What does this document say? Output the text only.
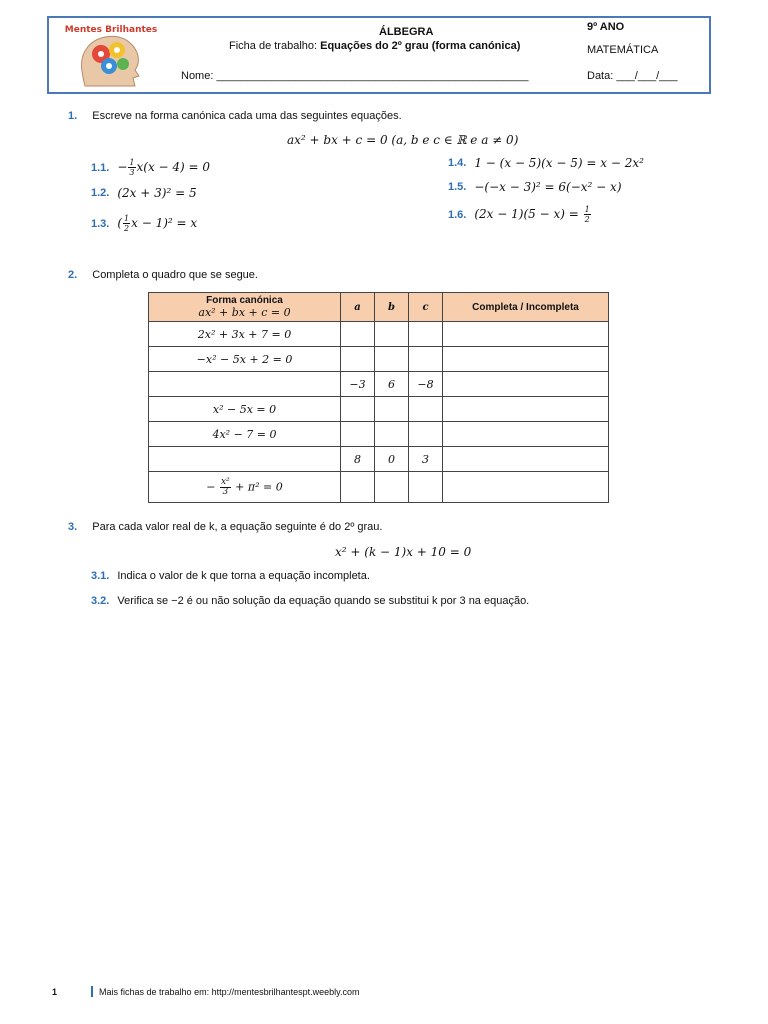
Mentes Brilhantes	ÁLBEGRA
Ficha de trabalho: Equações do 2º grau (forma canónica)
Nome: ___________________________________________________
9º ANO
MATEMÁTICA
Data: ___/___/___
1. Escreve na forma canónica cada uma das seguintes equações.
ax² + bx + c = 0 (a, b e c ∈ ℝ e a ≠ 0)
1.1. − $\frac{1}{3} x(x - 4) = 0$
1.2. (2x + 3)² = 5
1.3. ( $\frac{1}{2}$ x − 1)² = x
1.4. 1 − (x − 5)(x − 5) = x − 2x²
1.5. −(−x − 3)² = 6(−x² − x)
1.6. $(2x - 1)(5 - x) = \frac{1}{2}$
2. Completa o quadro que se segue.
Forma canónica
ax² + bx + c = 0	a	b	c	Completa / Incompleta
2x² + 3x + 7 = 0				
−x² − 5x + 2 = 0				
	−3	6	−8	
x² − 5x = 0				
4x² − 7 = 0				
	8	0	3	
− $\frac{\text{x²}}{3} + \pi^2 = 0$				
3. Para cada valor real de k, a equação seguinte é do 2º grau.
x² + (k − 1)x + 10 = 0
3.1. Indica o valor de k que torna a equação incompleta.
3.2. Verifica se −2 é ou não solução da equação quando se substitui k por 3 na equação.
1	Mais fichas de trabalho em: http://mentesbrilhantespt.weebly.com
